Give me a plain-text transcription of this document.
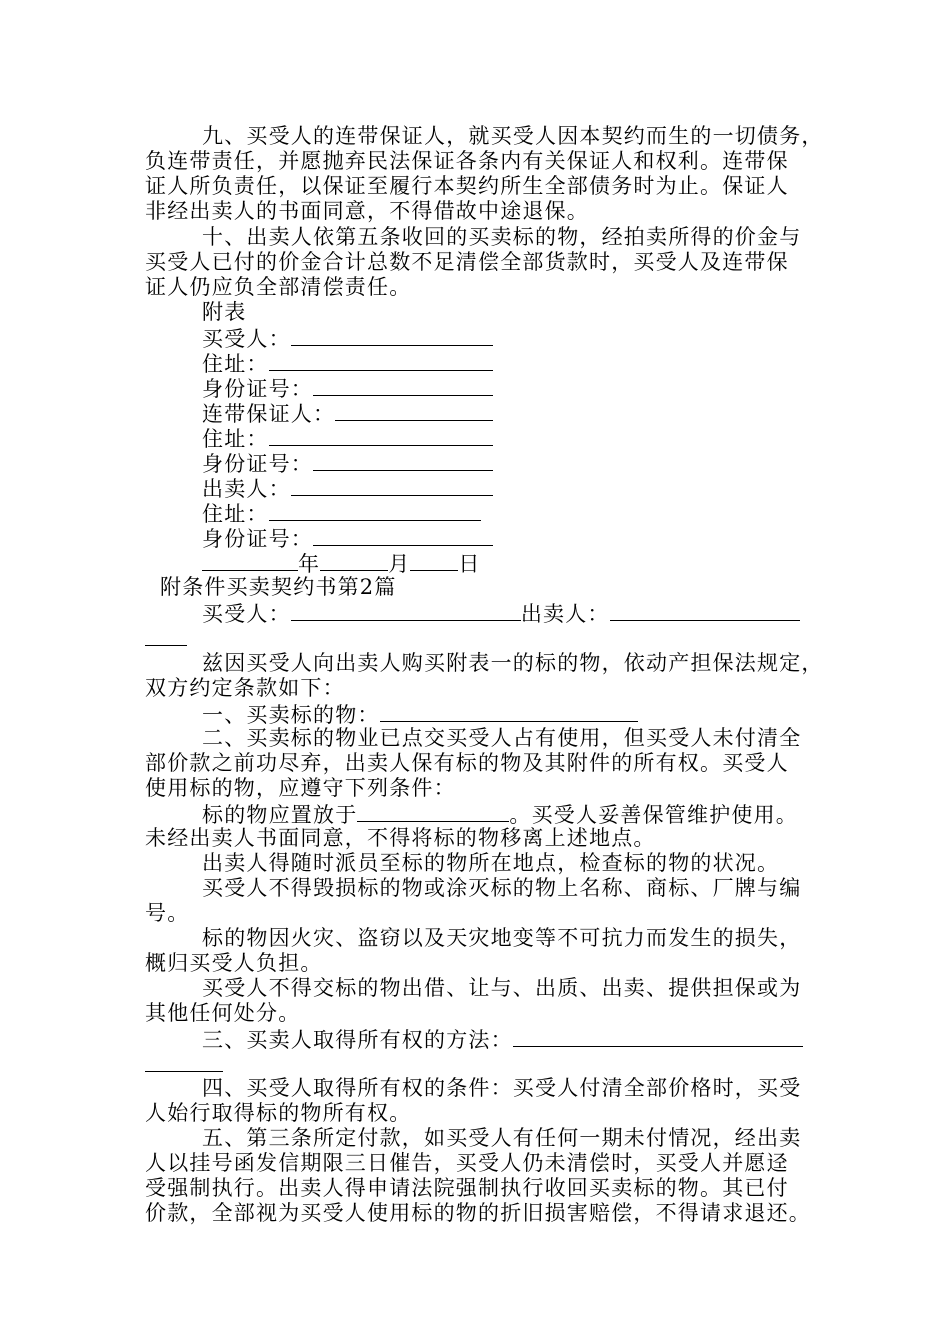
九、买受人的连带保证人，就买受人因本契约而生的一切债务，
负连带责任，并愿抛弃民法保证各条内有关保证人和权利。连带保
证人所负责任，以保证至履行本契约所生全部债务时为止。保证人
非经出卖人的书面同意，不得借故中途退保。
十、出卖人依第五条收回的买卖标的物，经拍卖所得的价金与
买受人已付的价金合计总数不足清偿全部货款时，买受人及连带保
证人仍应负全部清偿责任。
附表
买受人：
住址：
身份证号：
连带保证人：
住址：
身份证号：
出卖人：
住址：
身份证号：
年	月 日
附条件买卖契约书第2篇
买受人：	出卖人：
兹因买受人向出卖人购买附表一的标的物，依动产担保法规定，
双方约定条款如下：
一、买卖标的物：
二、买卖标的物业已点交买受人占有使用，但买受人未付清全
部价款之前功尽弃，出卖人保有标的物及其附件的所有权。买受人
使用标的物，应遵守下列条件：
标的物应置放于	。买受人妥善保管维护使用。
未经出卖人书面同意，不得将标的物移离上述地点。
出卖人得随时派员至标的物所在地点，检查标的物的状况。
买受人不得毁损标的物或涂灭标的物上名称、商标、厂牌与编
号。
标的物因火灾、盗窃以及天灾地变等不可抗力而发生的损失，
概归买受人负担。
买受人不得交标的物出借、让与、出质、出卖、提供担保或为
其他任何处分。
三、买卖人取得所有权的方法：
四、买受人取得所有权的条件：买受人付清全部价格时，买受
人始行取得标的物所有权。
五、第三条所定付款，如买受人有任何一期未付情况，经出卖
人以挂号函发信期限三日催告，买受人仍未清偿时，买受人并愿迳
受强制执行。出卖人得申请法院强制执行收回买卖标的物。其已付
价款，全部视为买受人使用标的物的折旧损害赔偿，不得请求退还。
